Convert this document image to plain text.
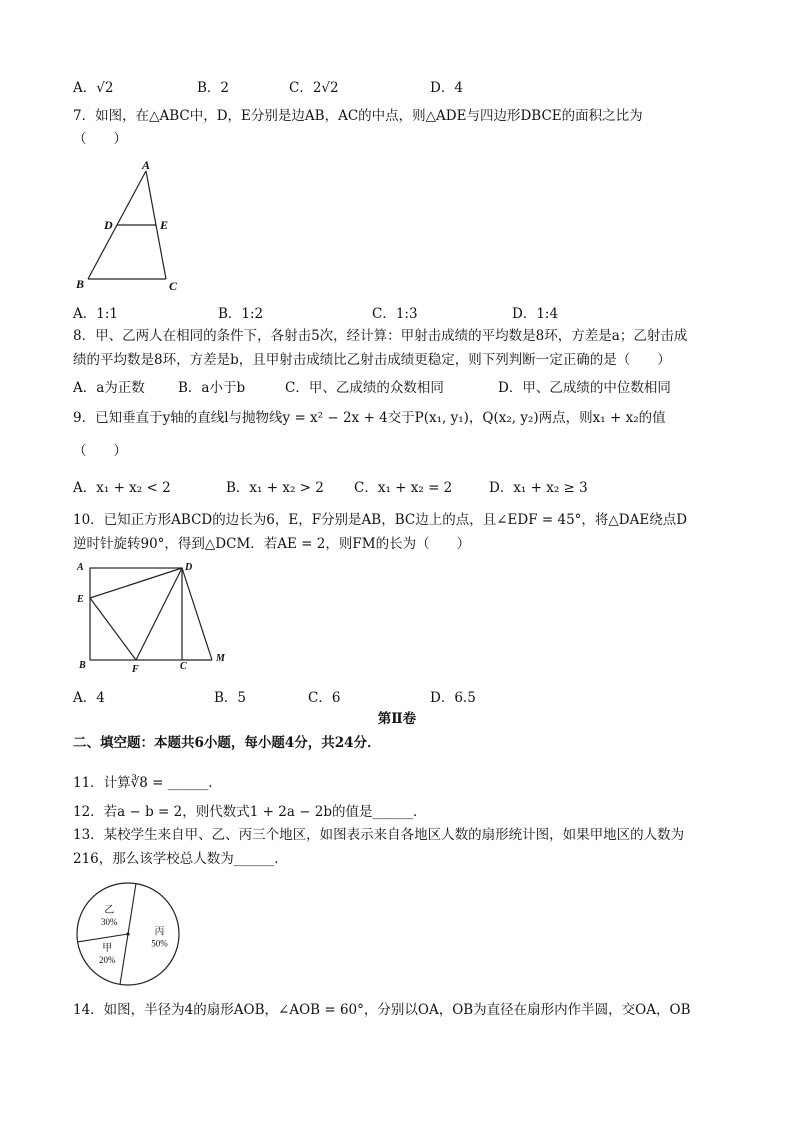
A．√2	B．2	C．2√2	D．4
7．如图，在△ABC中，D，E分别是边AB，AC的中点，则△ADE与四边形DBCE的面积之比为
（　　）
A
D	E
B	C
A．1:1	B．1:2	C．1:3	D．1:4
8．甲、乙两人在相同的条件下，各射击5次，经计算：甲射击成绩的平均数是8环，方差是a；乙射击成
绩的平均数是8环，方差是b，且甲射击成绩比乙射击成绩更稳定，则下列判断一定正确的是（　　）
A．a为正数 B．a小于b	C．甲、乙成绩的众数相同	D．甲、乙成绩的中位数相同
9．已知垂直于y轴的直线l与抛物线y = x² − 2x + 4交于P(x₁, y₁)，Q(x₂, y₂)两点，则x₁ + x₂的值
（　　）
A．x₁ + x₂ < 2	B．x₁ + x₂ > 2 C．x₁ + x₂ = 2	D．x₁ + x₂ ≥ 3
10．已知正方形ABCD的边长为6，E，F分别是AB，BC边上的点，且∠EDF = 45°，将△DAE绕点D
逆时针旋转90°，得到△DCM．若AE = 2，则FM的长为（　　）
A	D
E
B	F	C
M
A．4	B．5	C．6	D．6.5
第Ⅱ卷
二、填空题：本题共6小题，每小题4分，共24分．
11．计算∛8 = ______．
12．若a − b = 2，则代数式1 + 2a − 2b的值是______．
13．某校学生来自甲、乙、丙三个地区，如图表示来自各地区人数的扇形统计图，如果甲地区的人数为
216，那么该学校总人数为______．
丙
50%
甲
20%
乙
30%
14．如图，半径为4的扇形AOB，∠AOB = 60°，分别以OA，OB为直径在扇形内作半圆，交OA，OB
